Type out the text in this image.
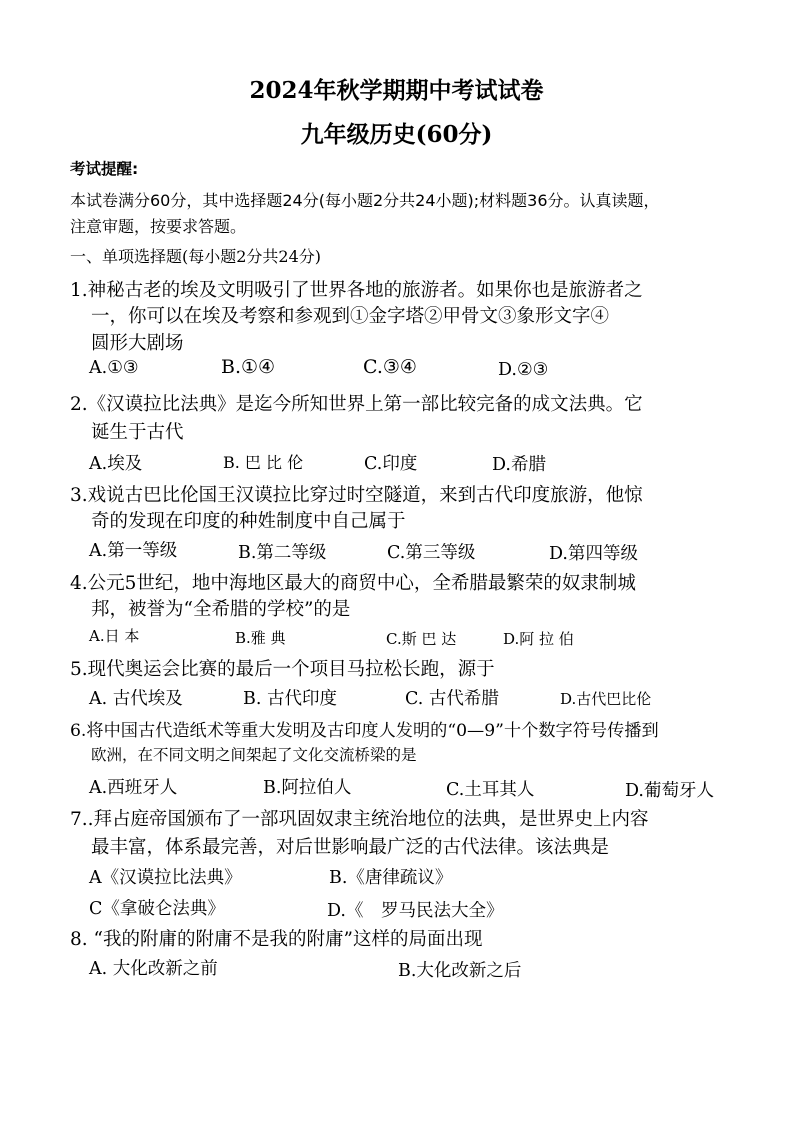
2024年秋学期期中考试试卷
九年级历史(60分)
考试提醒:
本试卷满分60分，其中选择题24分(每小题2分共24小题);材料题36分。认真读题，
注意审题，按要求答题。
一、单项选择题(每小题2分共24分)
1.神秘古老的埃及文明吸引了世界各地的旅游者。如果你也是旅游者之
一，你可以在埃及考察和参观到①金字塔②甲骨文③象形文字④
圆形大剧场
A.①③	B.①④	C.③④	D.②③
2.《汉谟拉比法典》是迄今所知世界上第一部比较完备的成文法典。它
诞生于古代
A.埃及	B. 巴 比 伦	C.印度	D.希腊
3.戏说古巴比伦国王汉谟拉比穿过时空隧道，来到古代印度旅游，他惊
奇的发现在印度的种姓制度中自己属于
A.第一等级	B.第二等级	C.第三等级	D.第四等级
4.公元5世纪，地中海地区最大的商贸中心，全希腊最繁荣的奴隶制城
邦，被誉为“全希腊的学校”的是
A.日 本	B.雅 典	C.斯 巴 达	D.阿 拉 伯
5.现代奥运会比赛的最后一个项目马拉松长跑，源于
A. 古代埃及	B. 古代印度	C. 古代希腊	D.古代巴比伦
6.将中国古代造纸术等重大发明及古印度人发明的“0—9”十个数字符号传播到
欧洲，在不同文明之间架起了文化交流桥梁的是
A.西班牙人	B.阿拉伯人	C.土耳其人	D.葡萄牙人
7..拜占庭帝国颁布了一部巩固奴隶主统治地位的法典，是世界史上内容
最丰富，体系最完善，对后世影响最广泛的古代法律。该法典是
A《汉谟拉比法典》	B.《唐律疏议》
C《拿破仑法典》	D.《　罗马民法大全》
8. “我的附庸的附庸不是我的附庸”这样的局面出现
A. 大化改新之前	B.大化改新之后
